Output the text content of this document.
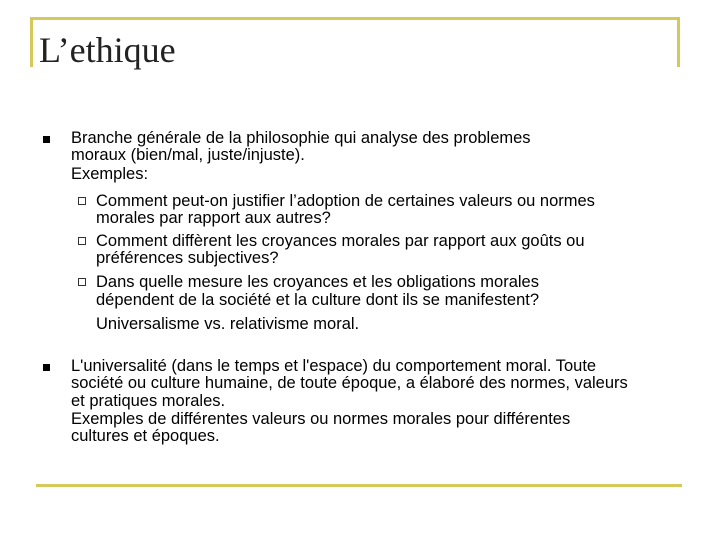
L’ethique
Branche générale de la philosophie qui analyse des problemes
moraux (bien/mal, juste/injuste).
Exemples:
Comment peut-on justifier l’adoption de certaines valeurs ou normes
morales par rapport aux autres?
Comment diffèrent les croyances morales par rapport aux goûts ou
préférences subjectives?
Dans quelle mesure les croyances et les obligations morales
dépendent de la société et la culture dont ils se manifestent?
Universalisme vs. relativisme moral.
L'universalité (dans le temps et l'espace) du comportement moral. Toute
société ou culture humaine, de toute époque, a élaboré des normes, valeurs
et pratiques morales.
Exemples de différentes valeurs ou normes morales pour différentes
cultures et époques.
